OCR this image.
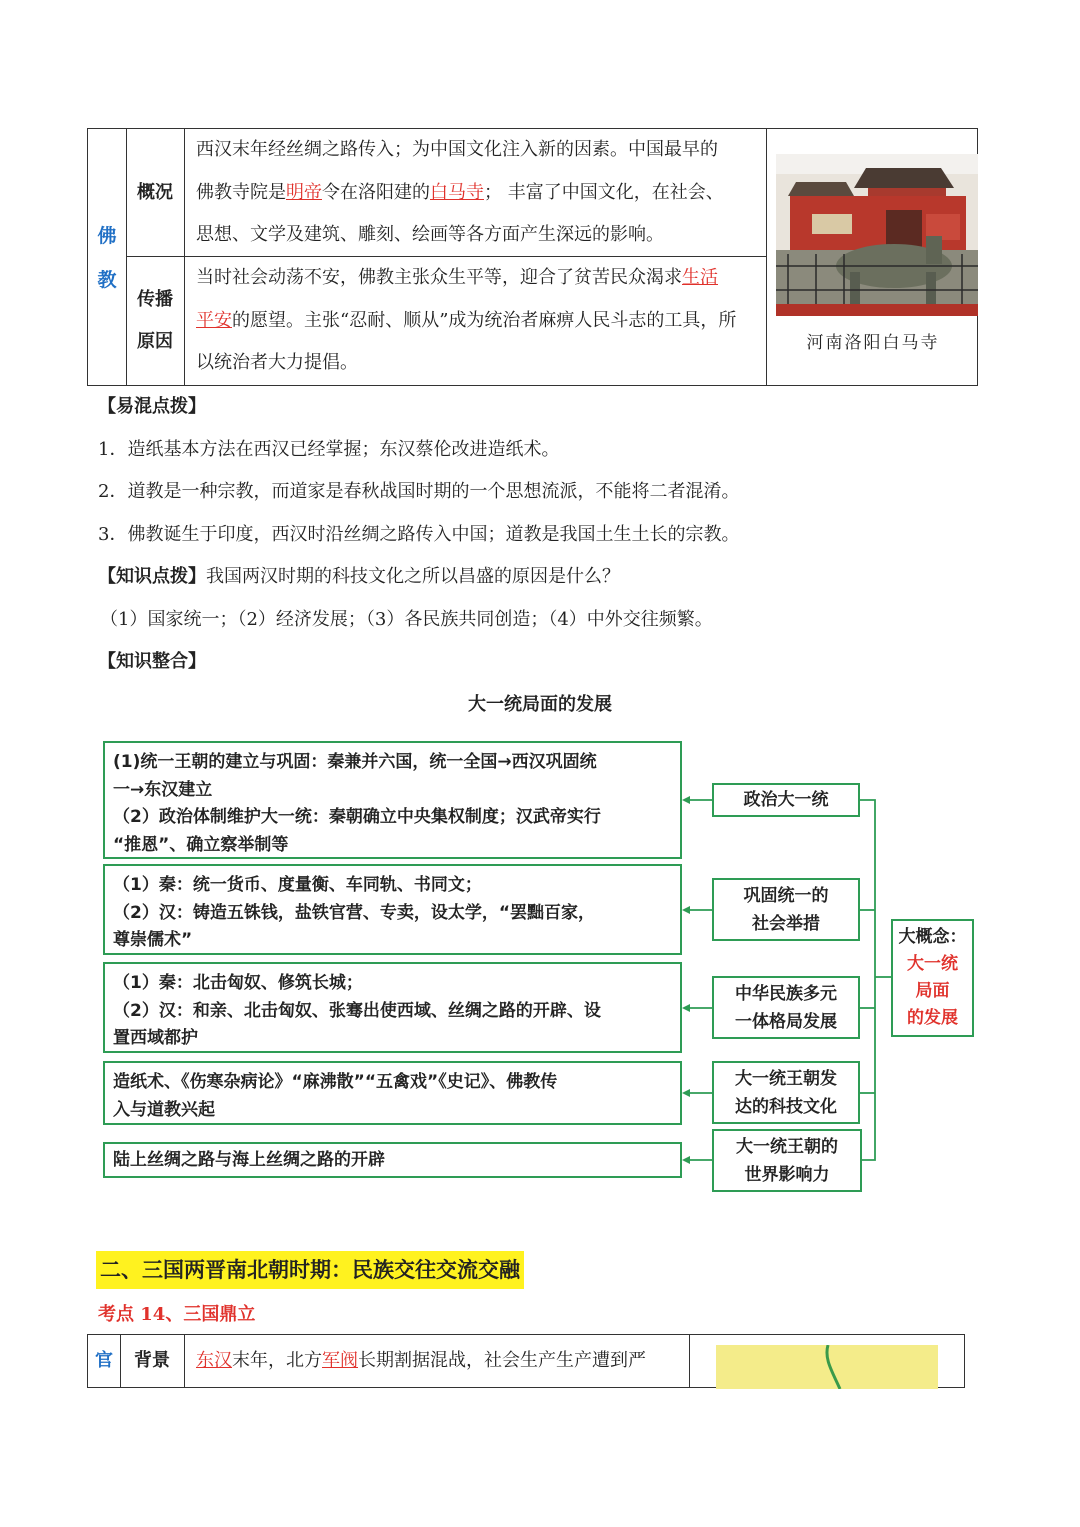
佛
教
概况
传播
原因
西汉末年经丝绸之路传入；为中国文化注入新的因素。中国最早的
佛教寺院是明帝令在洛阳建的白马寺； 丰富了中国文化，在社会、
思想、文学及建筑、雕刻、绘画等各方面产生深远的影响。
当时社会动荡不安，佛教主张众生平等，迎合了贫苦民众渴求生活
平安的愿望。主张“忍耐、顺从”成为统治者麻痹人民斗志的工具，所
以统治者大力提倡。
河南洛阳白马寺
【易混点拨】
1．造纸基本方法在西汉已经掌握；东汉蔡伦改进造纸术。
2．道教是一种宗教，而道家是春秋战国时期的一个思想流派，不能将二者混淆。
3．佛教诞生于印度，西汉时沿丝绸之路传入中国；道教是我国土生土长的宗教。
【知识点拨】我国两汉时期的科技文化之所以昌盛的原因是什么？
（1）国家统一；（2）经济发展；（3）各民族共同创造；（4）中外交往频繁。
【知识整合】
大一统局面的发展
(1)统一王朝的建立与巩固：秦兼并六国，统一全国→西汉巩固统
一→东汉建立
（2）政治体制维护大一统：秦朝确立中央集权制度；汉武帝实行
“推恩”、确立察举制等
（1）秦：统一货币、度量衡、车同轨、书同文；
（2）汉：铸造五铢钱，盐铁官营、专卖，设太学，“罢黜百家，
尊崇儒术”
（1）秦：北击匈奴、修筑长城；
（2）汉：和亲、北击匈奴、张骞出使西域、丝绸之路的开辟、设
置西域都护
造纸术、《伤寒杂病论》“麻沸散”“五禽戏”《史记》、佛教传
入与道教兴起
陆上丝绸之路与海上丝绸之路的开辟
政治大一统
巩固统一的
社会举措
中华民族多元
一体格局发展
大一统王朝发
达的科技文化
大一统王朝的
世界影响力
大概念：
大一统
局面
的发展
二、三国两晋南北朝时期：民族交往交流交融
考点 14、三国鼎立
官	背景	东汉末年，北方军阀长期割据混战，社会生产生产遭到严
